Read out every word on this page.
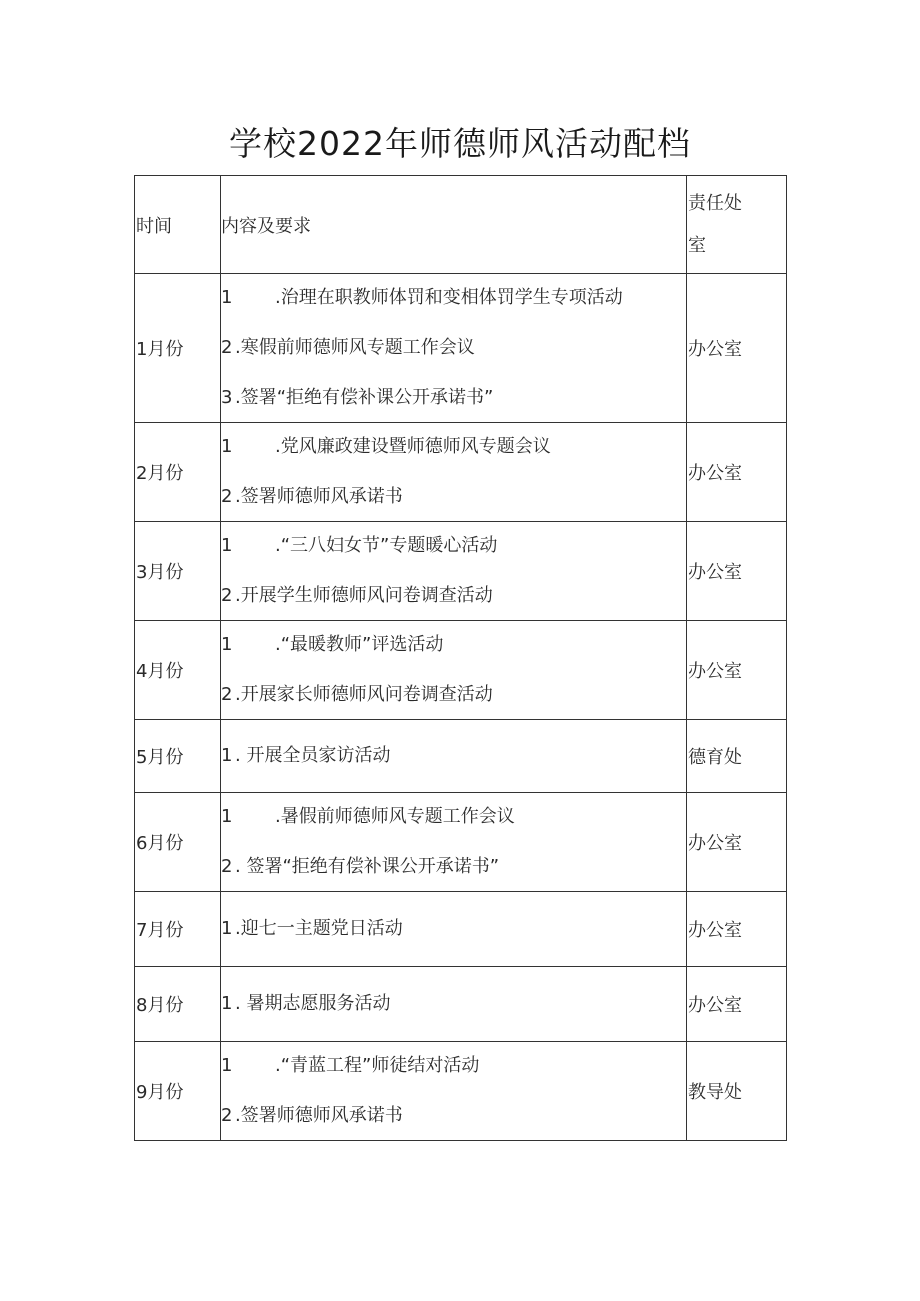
学校2022年师德师风活动配档
时间	内容及要求	责任处
室

1月份	1 .治理在职教师体罚和变相体罚学生专项活动
2 .寒假前师德师风专题工作会议
3 .签署“拒绝有偿补课公开承诺书”	办公室

2月份	1 .党风廉政建设暨师德师风专题会议
2 .签署师德师风承诺书	办公室

3月份	1 .“三八妇女节”专题暖心活动
2 .开展学生师德师风问卷调查活动	办公室

4月份	1 .“最暖教师”评选活动
2 .开展家长师德师风问卷调查活动	办公室

5月份	1 . 开展全员家访活动	德育处

6月份	1 .暑假前师德师风专题工作会议
2 . 签署“拒绝有偿补课公开承诺书”	办公室

7月份	1 .迎七一主题党日活动	办公室

8月份	1 . 暑期志愿服务活动	办公室

9月份	1 .“青蓝工程”师徒结对活动
2 .签署师德师风承诺书	教导处
